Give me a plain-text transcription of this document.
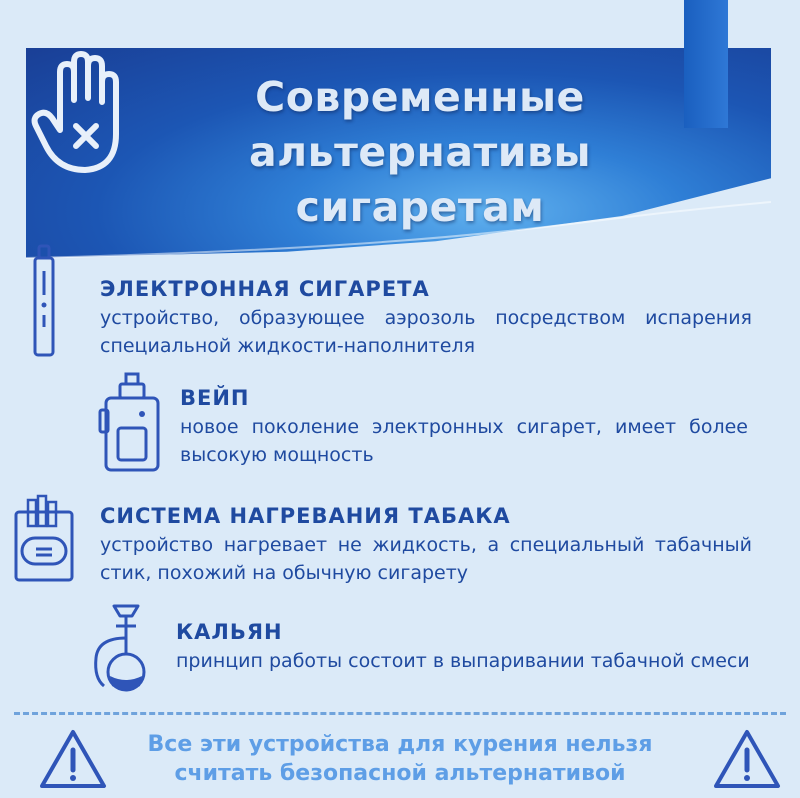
Современные
альтернативы
сигаретам
ЭЛЕКТРОННАЯ СИГАРЕТА
устройство, образующее аэрозоль посредством испарения специальной жидкости-наполнителя
ВЕЙП
новое поколение электронных сигарет, имеет более высокую мощность
СИСТЕМА НАГРЕВАНИЯ ТАБАКА
устройство нагревает не жидкость, а специальный табачный стик, похожий на обычную сигарету
КАЛЬЯН
принцип работы состоит в выпаривании табачной смеси
Все эти устройства для курения нельзя
считать безопасной альтернативой
